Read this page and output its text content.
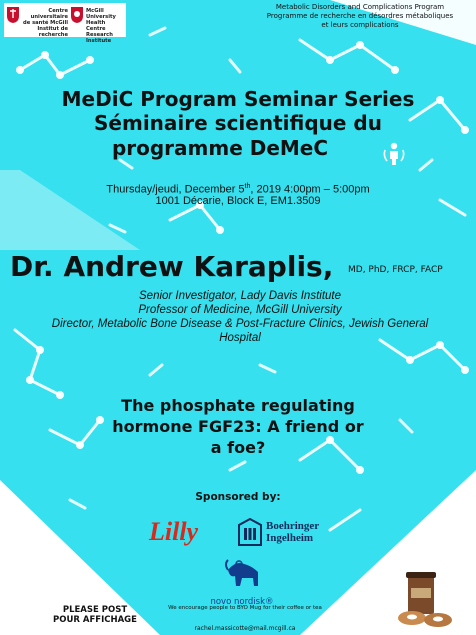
Centre universitaire
de santé McGill
Institut de recherche
McGill University
Health Centre
Research Institute
Metabolic Disorders and Complications Program
Programme de recherche en désordres métaboliques
et leurs complications
MeDiC Program Seminar Series
Séminaire scientifique du
programme DeMeC
Thursday/jeudi, December 5th, 2019 4:00pm – 5:00pm
1001 Décarie, Block E, EM1.3509
Dr. Andrew Karaplis, MD, PhD, FRCP, FACP
Senior Investigator, Lady Davis Institute
Professor of Medicine, McGill University
Director, Metabolic Bone Disease & Post-Fracture Clinics, Jewish General
Hospital
The phosphate regulating
hormone FGF23: A friend or
a foe?
Sponsored by:
Lilly	Boehringer
Ingelheim
novo nordisk®
PLEASE POST
POUR AFFICHAGE
We encourage people to BYO Mug for their coffee or tea
rachel.massicotte@mail.mcgill.ca
